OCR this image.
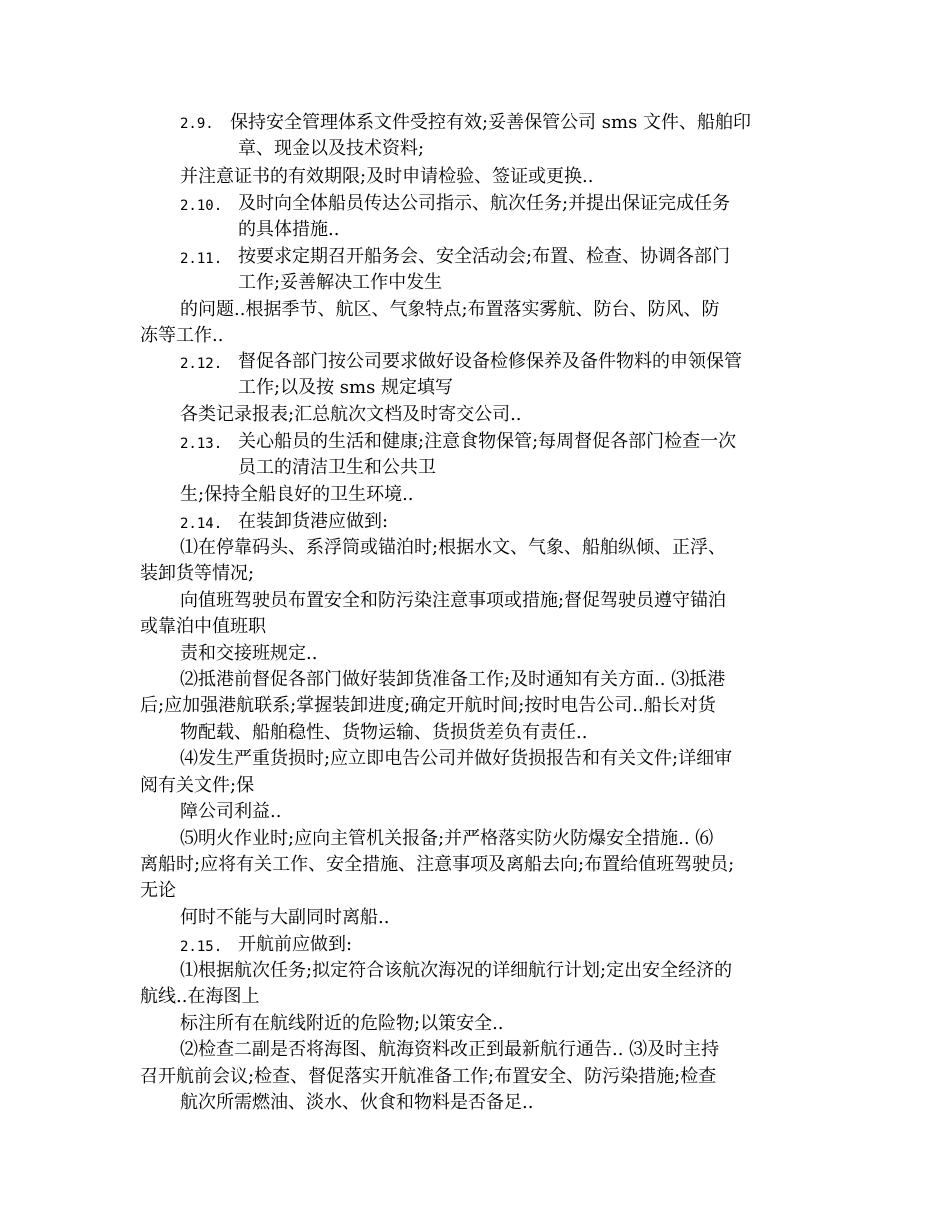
2.9. 保持安全管理体系文件受控有效;妥善保管公司 sms 文件、船舶印
章、现金以及技术资料;
并注意证书的有效期限;及时申请检验、签证或更换..
2.10. 及时向全体船员传达公司指示、航次任务;并提出保证完成任务
的具体措施..
2.11. 按要求定期召开船务会、安全活动会;布置、检查、协调各部门
工作;妥善解决工作中发生
的问题..根据季节、航区、气象特点;布置落实雾航、防台、防风、防
冻等工作..
2.12. 督促各部门按公司要求做好设备检修保养及备件物料的申领保管
工作;以及按 sms 规定填写
各类记录报表;汇总航次文档及时寄交公司..
2.13. 关心船员的生活和健康;注意食物保管;每周督促各部门检查一次
员工的清洁卫生和公共卫
生;保持全船良好的卫生环境..
2.14. 在装卸货港应做到:
⑴在停靠码头、系浮筒或锚泊时;根据水文、气象、船舶纵倾、正浮、
装卸货等情况;
向值班驾驶员布置安全和防污染注意事项或措施;督促驾驶员遵守锚泊
或靠泊中值班职
责和交接班规定..
⑵抵港前督促各部门做好装卸货准备工作;及时通知有关方面.. ⑶抵港
后;应加强港航联系;掌握装卸进度;确定开航时间;按时电告公司..船长对货
物配载、船舶稳性、货物运输、货损货差负有责任..
⑷发生严重货损时;应立即电告公司并做好货损报告和有关文件;详细审
阅有关文件;保
障公司利益..
⑸明火作业时;应向主管机关报备;并严格落实防火防爆安全措施.. ⑹
离船时;应将有关工作、安全措施、注意事项及离船去向;布置给值班驾驶员;
无论
何时不能与大副同时离船..
2.15. 开航前应做到:
⑴根据航次任务;拟定符合该航次海况的详细航行计划;定出安全经济的
航线..在海图上
标注所有在航线附近的危险物;以策安全..
⑵检查二副是否将海图、航海资料改正到最新航行通告.. ⑶及时主持
召开航前会议;检查、督促落实开航准备工作;布置安全、防污染措施;检查
航次所需燃油、淡水、伙食和物料是否备足..
